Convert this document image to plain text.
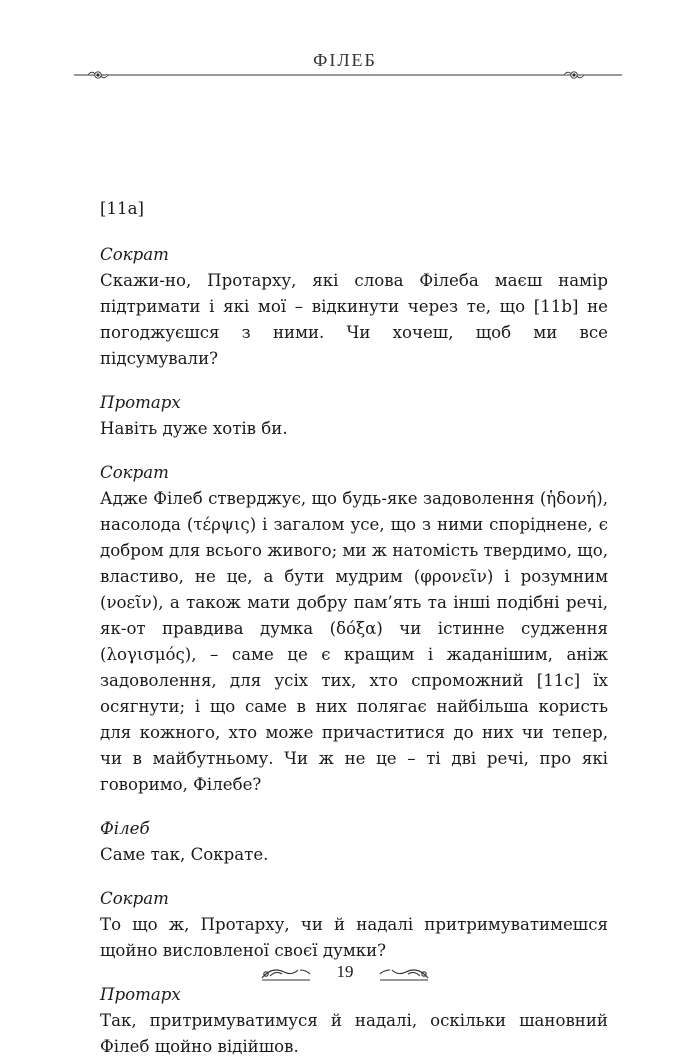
ФІЛЕБ

[11a]

Сократ

Скажи-но, Протарху, які слова Філеба маєш намір підтримати і які мої – відкинути через те, що [11b] не погоджуєшся з ними. Чи хочеш, щоб ми все підсумували?

Протарх

Навіть дуже хотів би.

Сократ

Адже Філеб стверджує, що будь-яке задоволення (ἡδονή), насолода (τέρψις) і загалом усе, що з ними споріднене, є добром для всього живого; ми ж натомість твердимо, що, властиво, не це, а бути мудрим (φρονεῖν) і розумним (νοεῖν), а також мати добру пам’ять та інші подібні речі, як-от правдива думка (δόξα) чи істинне судження (λογισμός), – саме це є кращим і жаданішим, аніж задоволення, для усіх тих, хто спроможний [11c] їх осягнути; і що саме в них полягає найбільша користь для кожного, хто може причаститися до них чи тепер, чи в майбутньому. Чи ж не це – ті дві речі, про які говоримо, Філебе?

Філеб

Саме так, Сократе.

Сократ

То що ж, Протарху, чи й надалі притримуватимешся щойно висловленої своєї думки?

Протарх

Так, притримуватимуся й надалі, оскільки шановний Філеб щойно відійшов.

19
